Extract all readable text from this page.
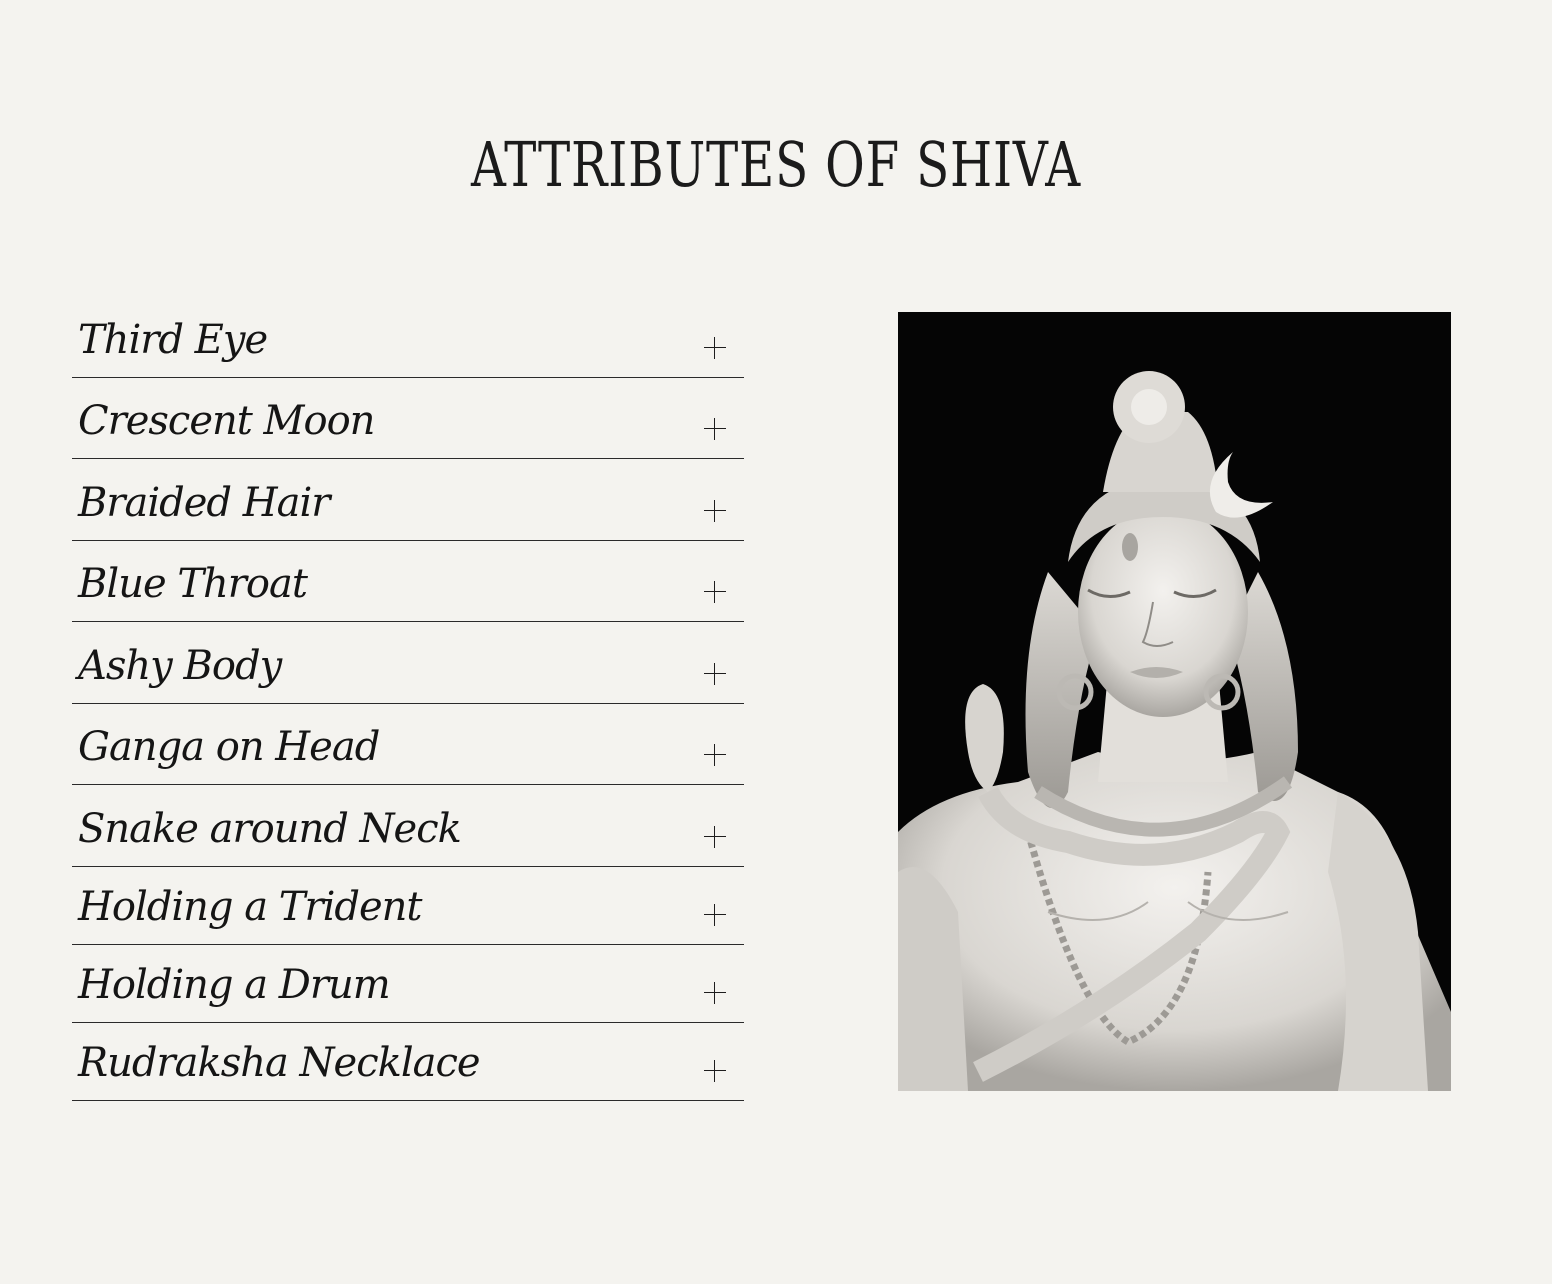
ATTRIBUTES OF SHIVA
Third Eye
Crescent Moon
Braided Hair
Blue Throat
Ashy Body
Ganga on Head
Snake around Neck
Holding a Trident
Holding a Drum
Rudraksha Necklace
